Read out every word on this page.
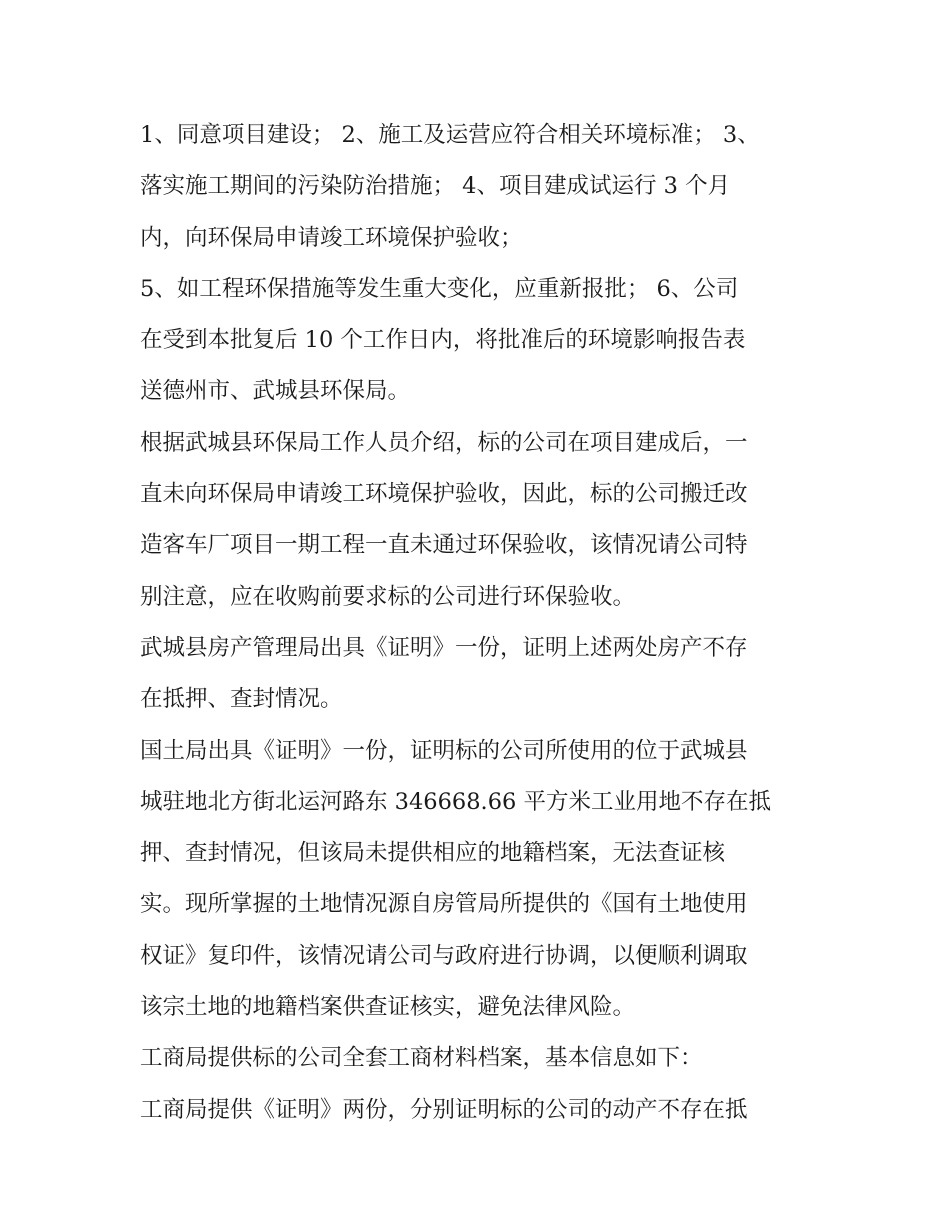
1、同意项目建设； 2、施工及运营应符合相关环境标准； 3、
落实施工期间的污染防治措施； 4、项目建成试运行 3 个月
内，向环保局申请竣工环境保护验收；
5、如工程环保措施等发生重大变化，应重新报批； 6、公司
在受到本批复后 10 个工作日内，将批准后的环境影响报告表
送德州市、武城县环保局。
根据武城县环保局工作人员介绍，标的公司在项目建成后，一
直未向环保局申请竣工环境保护验收，因此，标的公司搬迁改
造客车厂项目一期工程一直未通过环保验收，该情况请公司特
别注意，应在收购前要求标的公司进行环保验收。
武城县房产管理局出具《证明》一份，证明上述两处房产不存
在抵押、查封情况。
国土局出具《证明》一份，证明标的公司所使用的位于武城县
城驻地北方街北运河路东 346668.66 平方米工业用地不存在抵
押、查封情况，但该局未提供相应的地籍档案，无法查证核
实。现所掌握的土地情况源自房管局所提供的《国有土地使用
权证》复印件，该情况请公司与政府进行协调，以便顺利调取
该宗土地的地籍档案供查证核实，避免法律风险。
工商局提供标的公司全套工商材料档案，基本信息如下：
工商局提供《证明》两份，分别证明标的公司的动产不存在抵
